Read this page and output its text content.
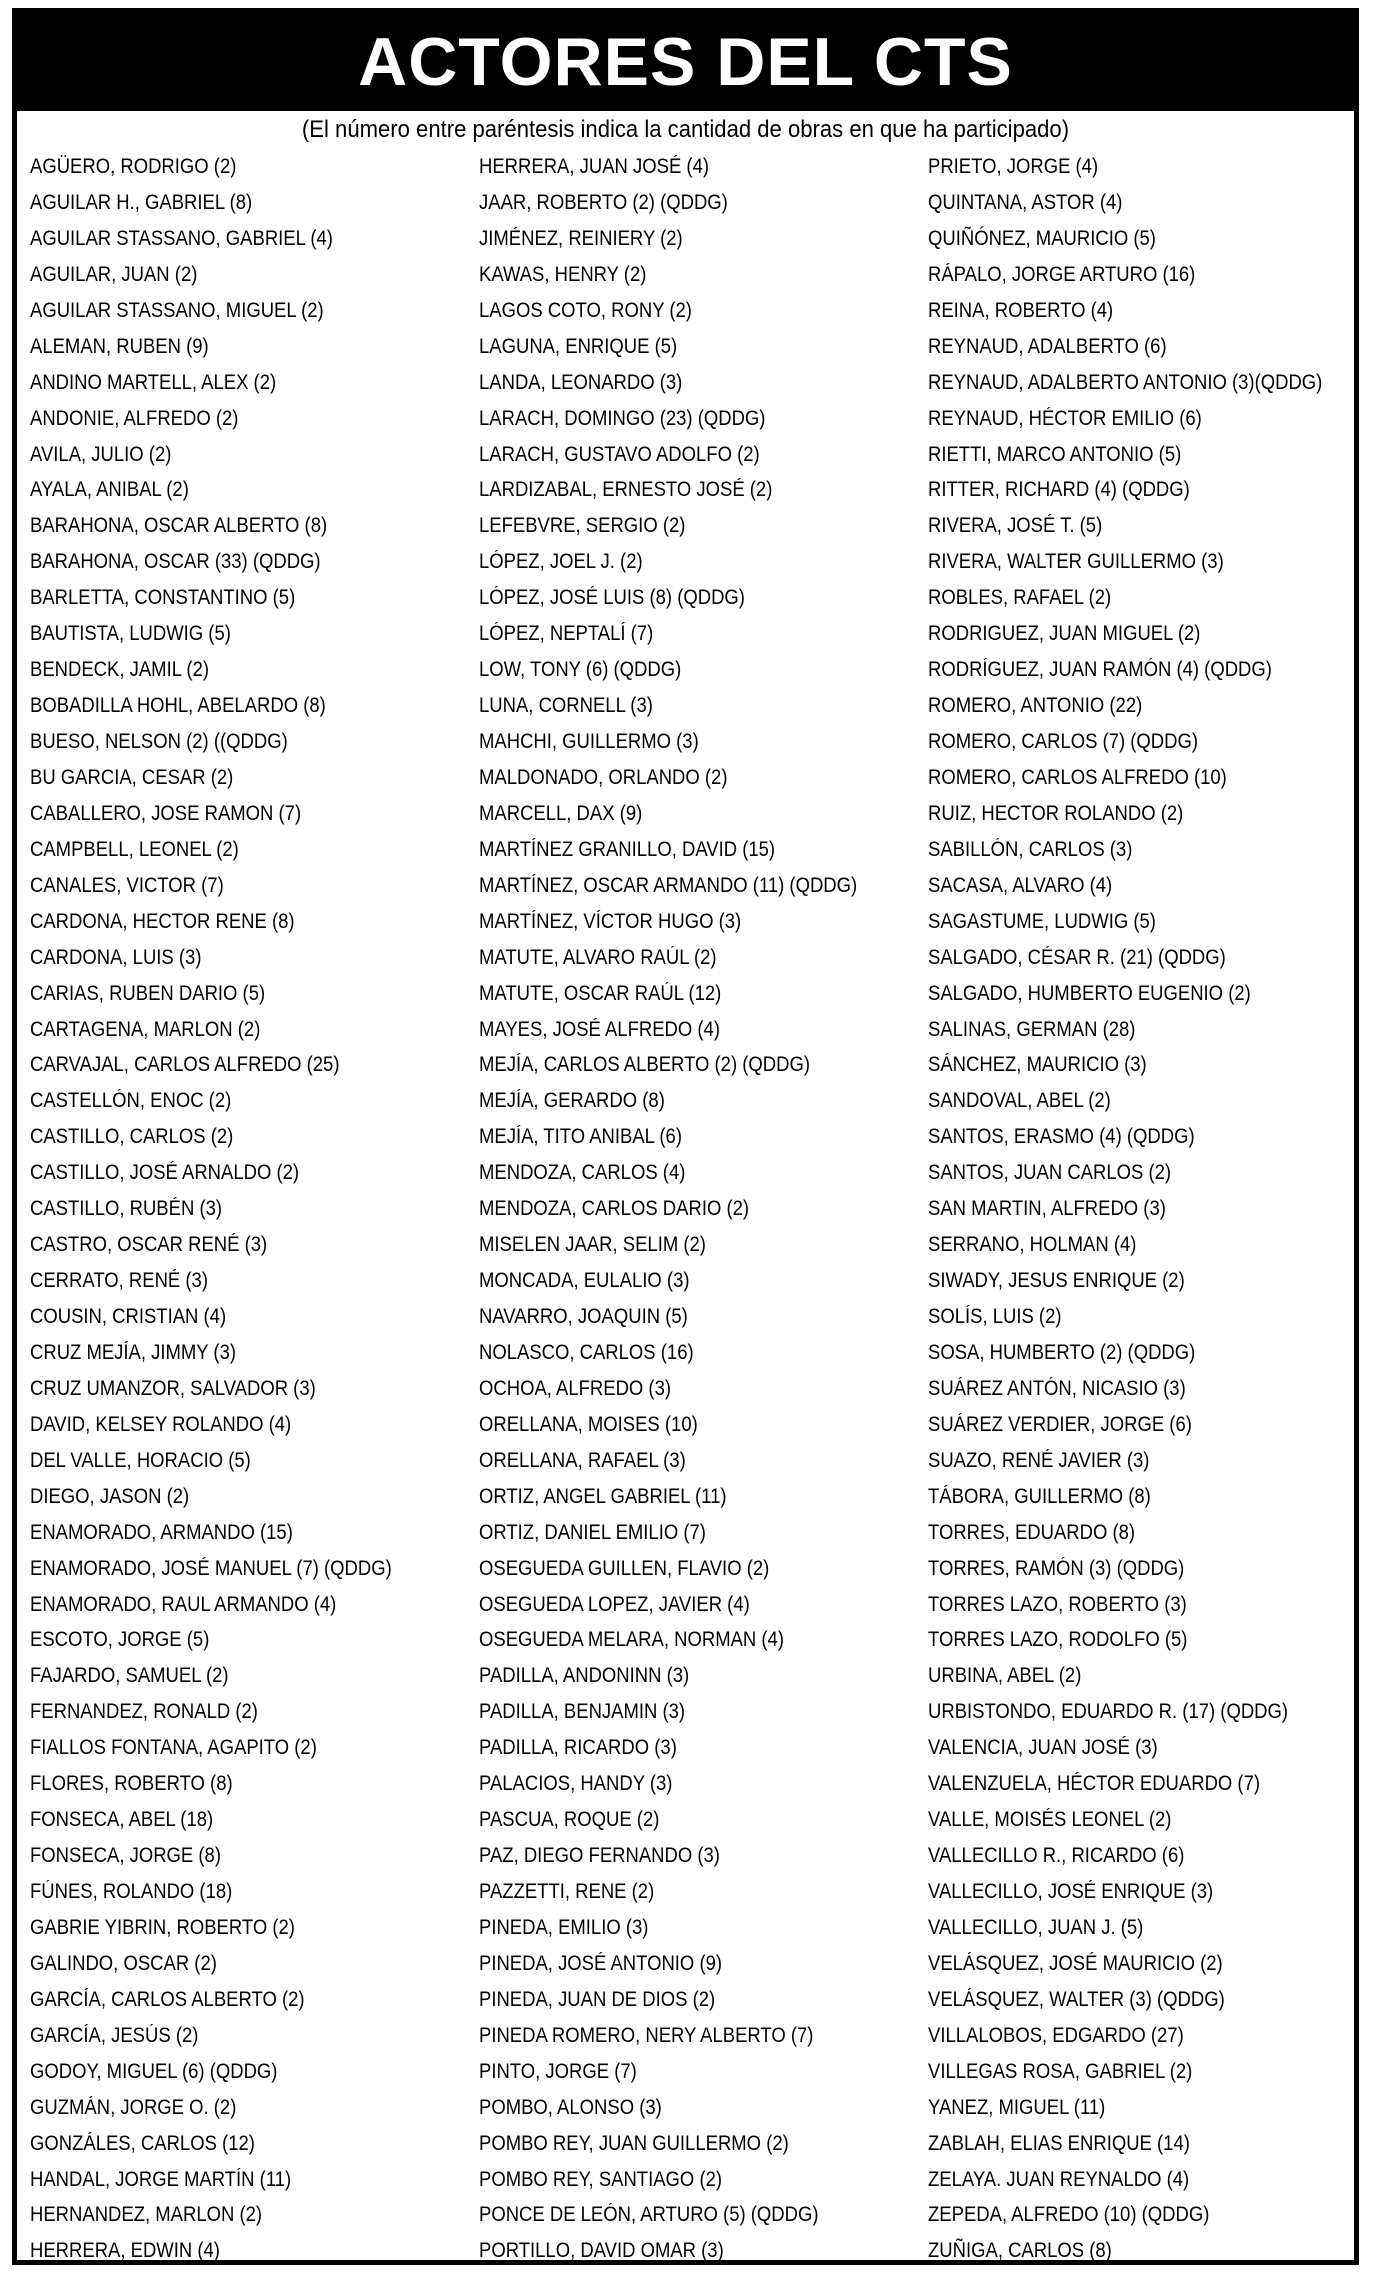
ACTORES DEL CTS
(El número entre paréntesis indica la cantidad de obras en que ha participado)
AGÜERO, RODRIGO (2)
AGUILAR H., GABRIEL (8)
AGUILAR STASSANO, GABRIEL (4)
AGUILAR, JUAN (2)
AGUILAR STASSANO, MIGUEL (2)
ALEMAN, RUBEN (9)
ANDINO MARTELL, ALEX (2)
ANDONIE, ALFREDO (2)
AVILA, JULIO (2)
AYALA, ANIBAL (2)
BARAHONA, OSCAR ALBERTO (8)
BARAHONA, OSCAR (33) (QDDG)
BARLETTA, CONSTANTINO (5)
BAUTISTA, LUDWIG (5)
BENDECK, JAMIL (2)
BOBADILLA HOHL, ABELARDO (8)
BUESO, NELSON (2) ((QDDG)
BU GARCIA, CESAR (2)
CABALLERO, JOSE RAMON (7)
CAMPBELL, LEONEL (2)
CANALES, VICTOR (7)
CARDONA, HECTOR RENE (8)
CARDONA, LUIS (3)
CARIAS, RUBEN DARIO (5)
CARTAGENA, MARLON (2)
CARVAJAL, CARLOS ALFREDO (25)
CASTELLÓN, ENOC (2)
CASTILLO, CARLOS (2)
CASTILLO, JOSÉ ARNALDO (2)
CASTILLO, RUBÉN (3)
CASTRO, OSCAR RENÉ (3)
CERRATO, RENÉ (3)
COUSIN, CRISTIAN (4)
CRUZ MEJÍA, JIMMY (3)
CRUZ UMANZOR, SALVADOR (3)
DAVID, KELSEY ROLANDO (4)
DEL VALLE, HORACIO (5)
DIEGO, JASON (2)
ENAMORADO, ARMANDO (15)
ENAMORADO, JOSÉ MANUEL (7) (QDDG)
ENAMORADO, RAUL ARMANDO (4)
ESCOTO, JORGE (5)
FAJARDO, SAMUEL (2)
FERNANDEZ, RONALD (2)
FIALLOS FONTANA, AGAPITO (2)
FLORES, ROBERTO (8)
FONSECA, ABEL (18)
FONSECA, JORGE (8)
FÚNES, ROLANDO (18)
GABRIE YIBRIN, ROBERTO (2)
GALINDO, OSCAR (2)
GARCÍA, CARLOS ALBERTO (2)
GARCÍA, JESÚS (2)
GODOY, MIGUEL (6) (QDDG)
GUZMÁN, JORGE O. (2)
GONZÁLES, CARLOS (12)
HANDAL, JORGE MARTÍN (11)
HERNANDEZ, MARLON (2)
HERRERA, EDWIN (4)
HERRERA, JUAN JOSÉ (4)
JAAR, ROBERTO (2) (QDDG)
JIMÉNEZ, REINIERY (2)
KAWAS, HENRY (2)
LAGOS COTO, RONY (2)
LAGUNA, ENRIQUE (5)
LANDA, LEONARDO (3)
LARACH, DOMINGO (23) (QDDG)
LARACH, GUSTAVO ADOLFO (2)
LARDIZABAL, ERNESTO JOSÉ (2)
LEFEBVRE, SERGIO (2)
LÓPEZ, JOEL J. (2)
LÓPEZ, JOSÉ LUIS (8) (QDDG)
LÓPEZ, NEPTALÍ (7)
LOW, TONY (6) (QDDG)
LUNA, CORNELL (3)
MAHCHI, GUILLERMO (3)
MALDONADO, ORLANDO (2)
MARCELL, DAX (9)
MARTÍNEZ GRANILLO, DAVID (15)
MARTÍNEZ, OSCAR ARMANDO (11) (QDDG)
MARTÍNEZ, VÍCTOR HUGO (3)
MATUTE, ALVARO RAÚL (2)
MATUTE, OSCAR RAÚL (12)
MAYES, JOSÉ ALFREDO (4)
MEJÍA, CARLOS ALBERTO (2) (QDDG)
MEJÍA, GERARDO (8)
MEJÍA, TITO ANIBAL (6)
MENDOZA, CARLOS (4)
MENDOZA, CARLOS DARIO (2)
MISELEN JAAR, SELIM (2)
MONCADA, EULALIO (3)
NAVARRO, JOAQUIN (5)
NOLASCO, CARLOS (16)
OCHOA, ALFREDO (3)
ORELLANA, MOISES (10)
ORELLANA, RAFAEL (3)
ORTIZ, ANGEL GABRIEL (11)
ORTIZ, DANIEL EMILIO (7)
OSEGUEDA GUILLEN, FLAVIO (2)
OSEGUEDA LOPEZ, JAVIER (4)
OSEGUEDA MELARA, NORMAN (4)
PADILLA, ANDONINN (3)
PADILLA, BENJAMIN (3)
PADILLA, RICARDO (3)
PALACIOS, HANDY (3)
PASCUA, ROQUE (2)
PAZ, DIEGO FERNANDO (3)
PAZZETTI, RENE (2)
PINEDA, EMILIO (3)
PINEDA, JOSÉ ANTONIO (9)
PINEDA, JUAN DE DIOS (2)
PINEDA ROMERO, NERY ALBERTO (7)
PINTO, JORGE (7)
POMBO, ALONSO (3)
POMBO REY, JUAN GUILLERMO (2)
POMBO REY, SANTIAGO (2)
PONCE DE LEÓN, ARTURO (5) (QDDG)
PORTILLO, DAVID OMAR (3)
PRIETO, JORGE (4)
QUINTANA, ASTOR (4)
QUIÑÓNEZ, MAURICIO (5)
RÁPALO, JORGE ARTURO (16)
REINA, ROBERTO (4)
REYNAUD, ADALBERTO (6)
REYNAUD, ADALBERTO ANTONIO (3)(QDDG)
REYNAUD, HÉCTOR EMILIO (6)
RIETTI, MARCO ANTONIO (5)
RITTER, RICHARD (4) (QDDG)
RIVERA, JOSÉ T. (5)
RIVERA, WALTER GUILLERMO (3)
ROBLES, RAFAEL (2)
RODRIGUEZ, JUAN MIGUEL (2)
RODRÍGUEZ, JUAN RAMÓN (4) (QDDG)
ROMERO, ANTONIO (22)
ROMERO, CARLOS (7) (QDDG)
ROMERO, CARLOS ALFREDO (10)
RUIZ, HECTOR ROLANDO (2)
SABILLÓN, CARLOS (3)
SACASA, ALVARO (4)
SAGASTUME, LUDWIG (5)
SALGADO, CÉSAR R. (21) (QDDG)
SALGADO, HUMBERTO EUGENIO (2)
SALINAS, GERMAN (28)
SÁNCHEZ, MAURICIO (3)
SANDOVAL, ABEL (2)
SANTOS, ERASMO (4) (QDDG)
SANTOS, JUAN CARLOS (2)
SAN MARTIN, ALFREDO (3)
SERRANO, HOLMAN (4)
SIWADY, JESUS ENRIQUE (2)
SOLÍS, LUIS (2)
SOSA, HUMBERTO (2) (QDDG)
SUÁREZ ANTÓN, NICASIO (3)
SUÁREZ VERDIER, JORGE (6)
SUAZO, RENÉ JAVIER (3)
TÁBORA, GUILLERMO (8)
TORRES, EDUARDO (8)
TORRES, RAMÓN (3) (QDDG)
TORRES LAZO, ROBERTO (3)
TORRES LAZO, RODOLFO (5)
URBINA, ABEL (2)
URBISTONDO, EDUARDO R. (17) (QDDG)
VALENCIA, JUAN JOSÉ (3)
VALENZUELA, HÉCTOR EDUARDO (7)
VALLE, MOISÉS LEONEL (2)
VALLECILLO R., RICARDO (6)
VALLECILLO, JOSÉ ENRIQUE (3)
VALLECILLO, JUAN J. (5)
VELÁSQUEZ, JOSÉ MAURICIO (2)
VELÁSQUEZ, WALTER (3) (QDDG)
VILLALOBOS, EDGARDO (27)
VILLEGAS ROSA, GABRIEL (2)
YANEZ, MIGUEL (11)
ZABLAH, ELIAS ENRIQUE (14)
ZELAYA. JUAN REYNALDO (4)
ZEPEDA, ALFREDO (10) (QDDG)
ZUÑIGA, CARLOS (8)
